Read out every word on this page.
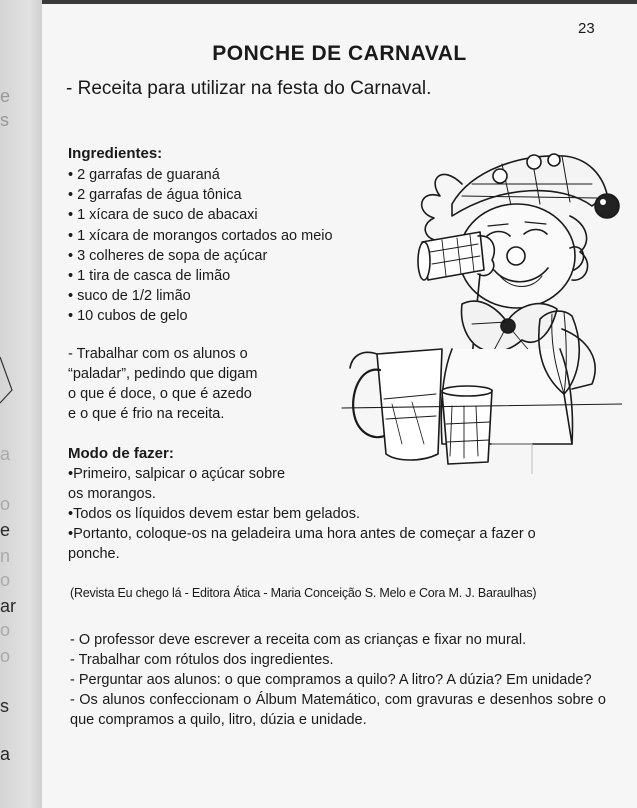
e
s
a
o
e
n
o
ar
o
o
s
a
23
PONCHE DE CARNAVAL
- Receita para utilizar na festa do Carnaval.
Ingredientes:
• 2 garrafas de guaraná
• 2 garrafas de água tônica
• 1 xícara de suco de abacaxi
• 1 xícara de morangos cortados ao meio
• 3 colheres de sopa de açúcar
• 1 tira de casca de limão
• suco de 1/2 limão
• 10 cubos de gelo
- Trabalhar com os alunos o
“paladar”, pedindo que digam
o que é doce, o que é azedo
e o que é frio na receita.
Modo de fazer:
• Primeiro, salpicar o açúcar sobre
os morangos.
• Todos os líquidos devem estar bem gelados.
• Portanto, coloque-os na geladeira uma hora antes de começar a fazer o
ponche.
(Revista Eu chego lá - Editora Ática - Maria Conceição S. Melo e Cora M. J. Baraulhas)
- O professor deve escrever a receita com as crianças e fixar no mural.
- Trabalhar com rótulos dos ingredientes.
- Perguntar aos alunos: o que compramos a quilo? A litro? A dúzia? Em unidade?
- Os alunos confeccionam o Álbum Matemático, com gravuras e desenhos sobre o que compramos a quilo, litro, dúzia e unidade.
